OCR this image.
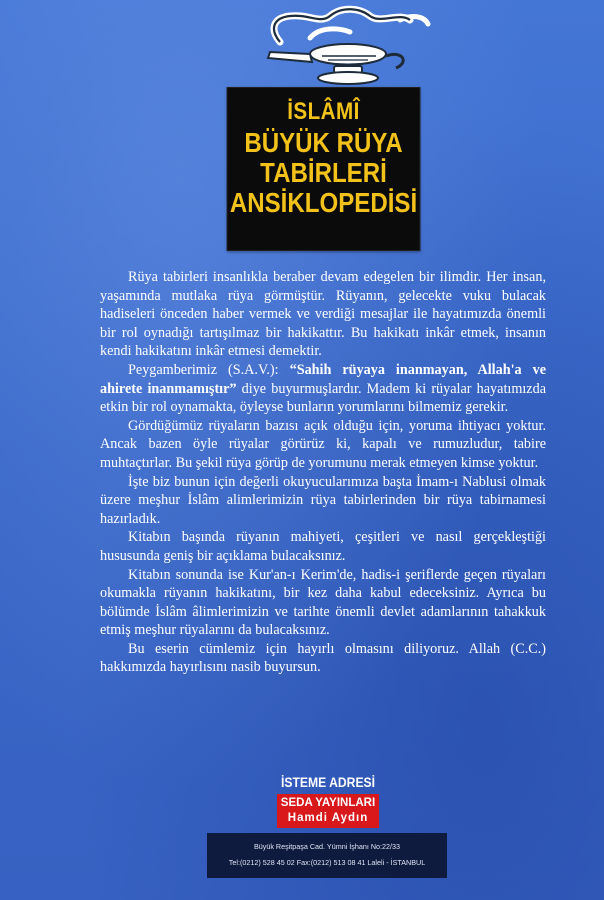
İSLÂMÎ
BÜYÜK RÜYA
TABİRLERİ
ANSİKLOPEDİSİ

Rüya tabirleri insanlıkla beraber devam edegelen bir ilimdir. Her insan, yaşamında mutlaka rüya görmüştür. Rüyanın, gelecekte vuku bulacak hadiseleri önceden haber vermek ve verdiği mesajlar ile hayatımızda önemli bir rol oynadığı tartışılmaz bir hakikattır. Bu hakikatı inkâr etmek, insanın kendi hakikatını inkâr etmesi demektir.

Peygamberimiz (S.A.V.): “Sahih rüyaya inanmayan, Allah'a ve ahirete inanmamıştır” diye buyurmuşlardır. Madem ki rüyalar hayatımızda etkin bir rol oynamakta, öyleyse bunların yorumlarını bilmemiz gerekir.

Gördüğümüz rüyaların bazısı açık olduğu için, yoruma ihtiyacı yoktur. Ancak bazen öyle rüyalar görürüz ki, kapalı ve rumuzludur, tabire muhtaçtırlar. Bu şekil rüya görüp de yorumunu merak etmeyen kimse yoktur.

İşte biz bunun için değerli okuyucularımıza başta İmam-ı Nablusi olmak üzere meşhur İslâm alimlerimizin rüya tabirlerinden bir rüya tabirnamesi hazırladık.

Kitabın başında rüyanın mahiyeti, çeşitleri ve nasıl gerçekleştiği hususunda geniş bir açıklama bulacaksınız.

Kitabın sonunda ise Kur'an-ı Kerim'de, hadis-i şeriflerde geçen rüyaları okumakla rüyanın hakikatını, bir kez daha kabul edeceksiniz. Ayrıca bu bölümde İslâm âlimlerimizin ve tarihte önemli devlet adamlarının tahakkuk etmiş meşhur rüyalarını da bulacaksınız.

Bu eserin cümlemiz için hayırlı olmasını diliyoruz. Allah (C.C.) hakkımızda hayırlısını nasib buyursun.

İSTEME ADRESİ
SEDA YAYINLARI
Hamdi Aydın
Büyük Reşitpaşa Cad. Yümni İşhanı No:22/33
Tel:(0212) 528 45 02 Fax:(0212) 513 08 41 Laleli - İSTANBUL
